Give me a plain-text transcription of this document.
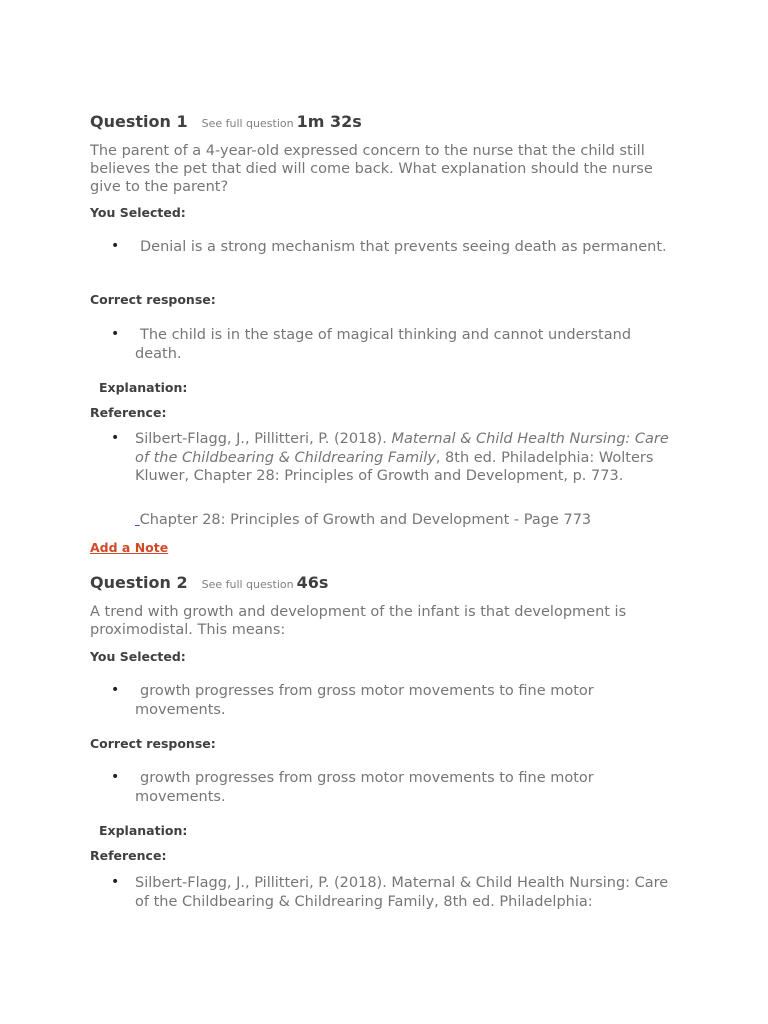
Question 1 See full question 1m 32s
The parent of a 4-year-old expressed concern to the nurse that the child still believes the pet that died will come back. What explanation should the nurse give to the parent?
You Selected:
•	Denial is a strong mechanism that prevents seeing death as permanent.
Correct response:
•	The child is in the stage of magical thinking and cannot understand death.
Explanation:
Reference:
• Silbert-Flagg, J., Pillitteri, P. (2018). Maternal & Child Health Nursing: Care of the Childbearing & Childrearing Family, 8th ed. Philadelphia: Wolters Kluwer, Chapter 28: Principles of Growth and Development, p. 773.
Chapter 28: Principles of Growth and Development - Page 773
Add a Note
Question 2 See full question 46s
A trend with growth and development of the infant is that development is proximodistal. This means:
You Selected:
•	growth progresses from gross motor movements to fine motor movements.
Correct response:
•	growth progresses from gross motor movements to fine motor movements.
Explanation:
Reference:
• Silbert-Flagg, J., Pillitteri, P. (2018). Maternal & Child Health Nursing: Care of the Childbearing & Childrearing Family, 8th ed. Philadelphia:
